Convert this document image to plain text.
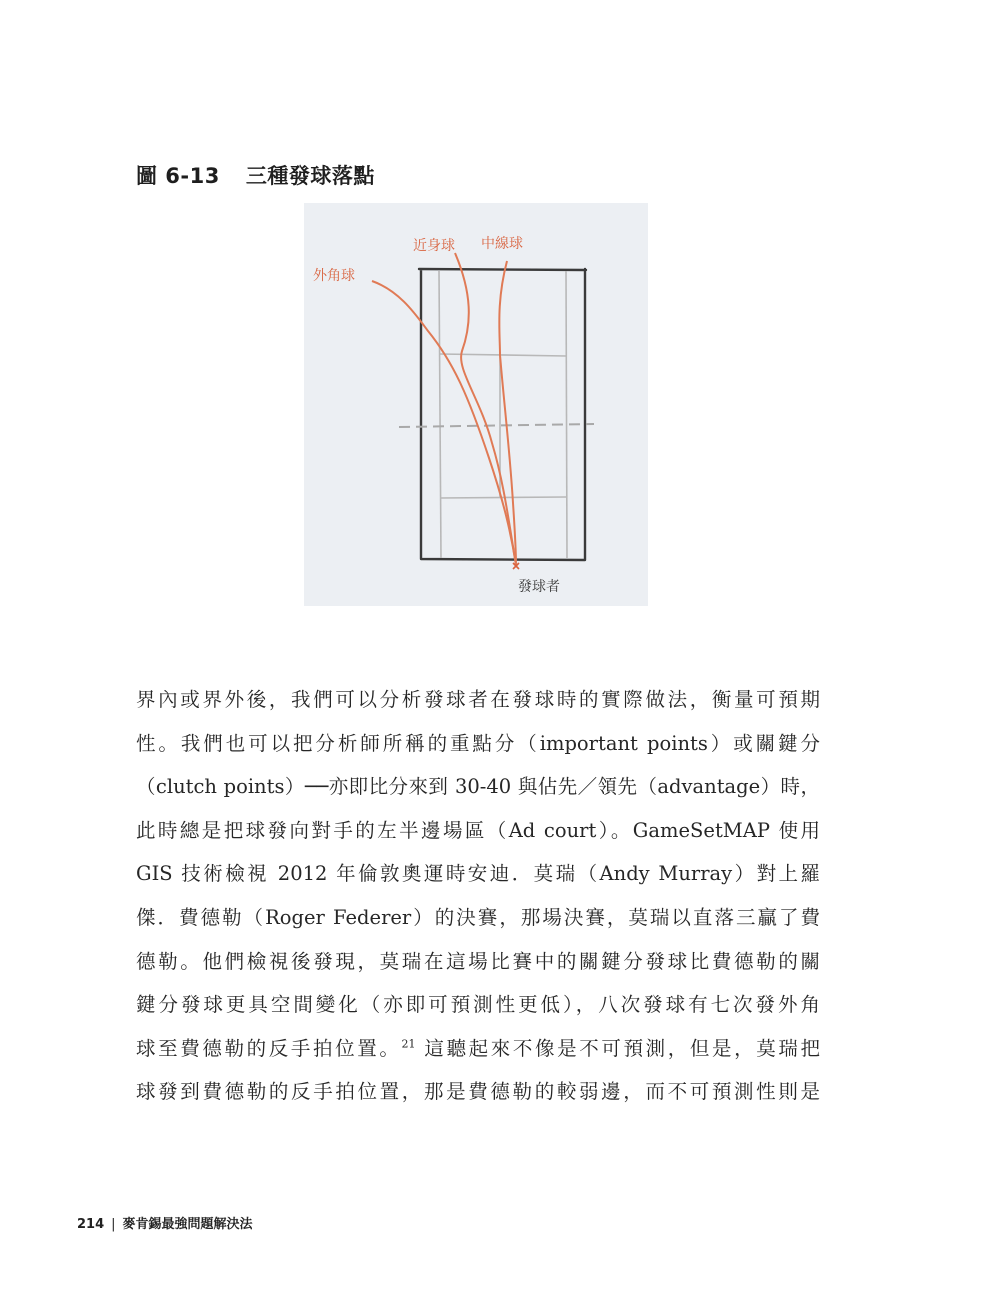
圖 6-13 三種發球落點
外角球
近身球 中線球
發球者
界內或界外後，我們可以分析發球者在發球時的實際做法，衡量可預期
性。我們也可以把分析師所稱的重點分（important points）或關鍵分
（clutch points）──亦即比分來到 30-40 與佔先／領先（advantage）時，
此時總是把球發向對手的左半邊場區（Ad court）。GameSetMAP 使用
GIS 技術檢視 2012 年倫敦奧運時安迪．莫瑞（Andy Murray）對上羅
傑．費德勒（Roger Federer）的決賽，那場決賽，莫瑞以直落三贏了費
德勒。他們檢視後發現，莫瑞在這場比賽中的關鍵分發球比費德勒的關
鍵分發球更具空間變化（亦即可預測性更低），八次發球有七次發外角
球至費德勒的反手拍位置。$^{21}$ 這聽起來不像是不可預測，但是，莫瑞把
球發到費德勒的反手拍位置，那是費德勒的較弱邊，而不可預測性則是
214 | 麥肯錫最強問題解決法
